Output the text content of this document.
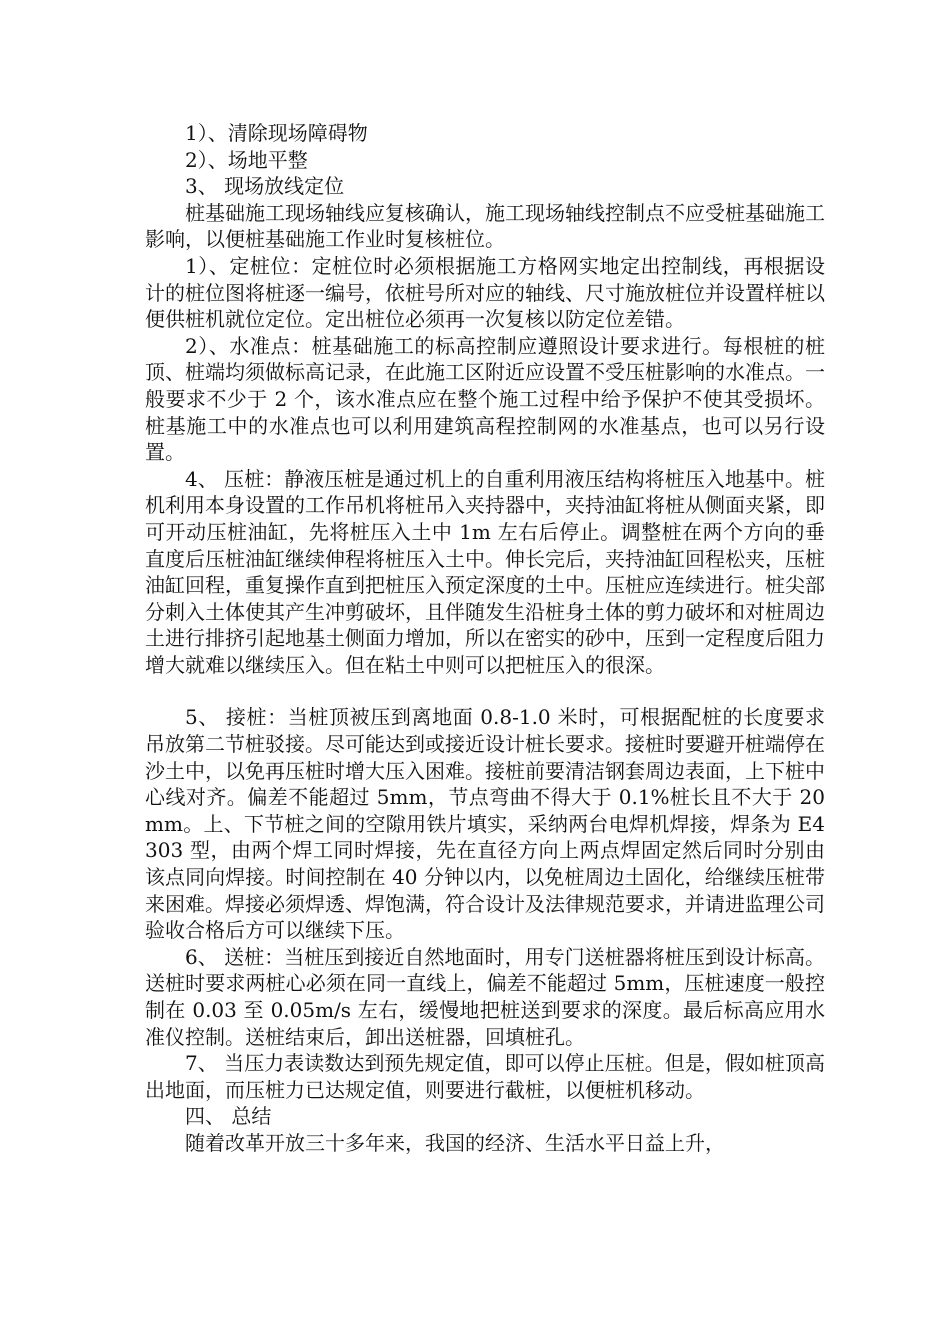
1）、清除现场障碍物

2）、场地平整

3、 现场放线定位

桩基础施工现场轴线应复核确认，施工现场轴线控制点不应受桩基础施工影响，以便桩基础施工作业时复核桩位。

1）、定桩位：定桩位时必须根据施工方格网实地定出控制线，再根据设计的桩位图将桩逐一编号，依桩号所对应的轴线、尺寸施放桩位并设置样桩以便供桩机就位定位。定出桩位必须再一次复核以防定位差错。

2）、水准点：桩基础施工的标高控制应遵照设计要求进行。每根桩的桩顶、桩端均须做标高记录，在此施工区附近应设置不受压桩影响的水准点。一般要求不少于 2 个，该水准点应在整个施工过程中给予保护不使其受损坏。桩基施工中的水准点也可以利用建筑高程控制网的水准基点，也可以另行设置。

4、 压桩：静液压桩是通过机上的自重利用液压结构将桩压入地基中。桩机利用本身设置的工作吊机将桩吊入夹持器中，夹持油缸将桩从侧面夹紧，即可开动压桩油缸，先将桩压入土中 1m 左右后停止。调整桩在两个方向的垂直度后压桩油缸继续伸程将桩压入土中。伸长完后，夹持油缸回程松夹，压桩油缸回程，重复操作直到把桩压入预定深度的土中。压桩应连续进行。桩尖部分刺入土体使其产生冲剪破坏，且伴随发生沿桩身土体的剪力破坏和对桩周边土进行排挤引起地基土侧面力增加，所以在密实的砂中，压到一定程度后阻力增大就难以继续压入。但在粘土中则可以把桩压入的很深。

5、 接桩：当桩顶被压到离地面 0.8-1.0 米时，可根据配桩的长度要求吊放第二节桩驳接。尽可能达到或接近设计桩长要求。接桩时要避开桩端停在沙土中，以免再压桩时增大压入困难。接桩前要清洁钢套周边表面，上下桩中心线对齐。偏差不能超过 5mm，节点弯曲不得大于 0.1%桩长且不大于 20mm。上、下节桩之间的空隙用铁片填实，采纳两台电焊机焊接，焊条为 E4303 型，由两个焊工同时焊接，先在直径方向上两点焊固定然后同时分别由该点同向焊接。时间控制在 40 分钟以内，以免桩周边土固化，给继续压桩带来困难。焊接必须焊透、焊饱满，符合设计及法律规范要求，并请进监理公司验收合格后方可以继续下压。

6、 送桩：当桩压到接近自然地面时，用专门送桩器将桩压到设计标高。送桩时要求两桩心必须在同一直线上，偏差不能超过 5mm，压桩速度一般控制在 0.03 至 0.05m/s 左右，缓慢地把桩送到要求的深度。最后标高应用水准仪控制。送桩结束后，卸出送桩器，回填桩孔。

7、 当压力表读数达到预先规定值，即可以停止压桩。但是，假如桩顶高出地面，而压桩力已达规定值，则要进行截桩，以便桩机移动。

四、 总结

随着改革开放三十多年来，我国的经济、生活水平日益上升，
